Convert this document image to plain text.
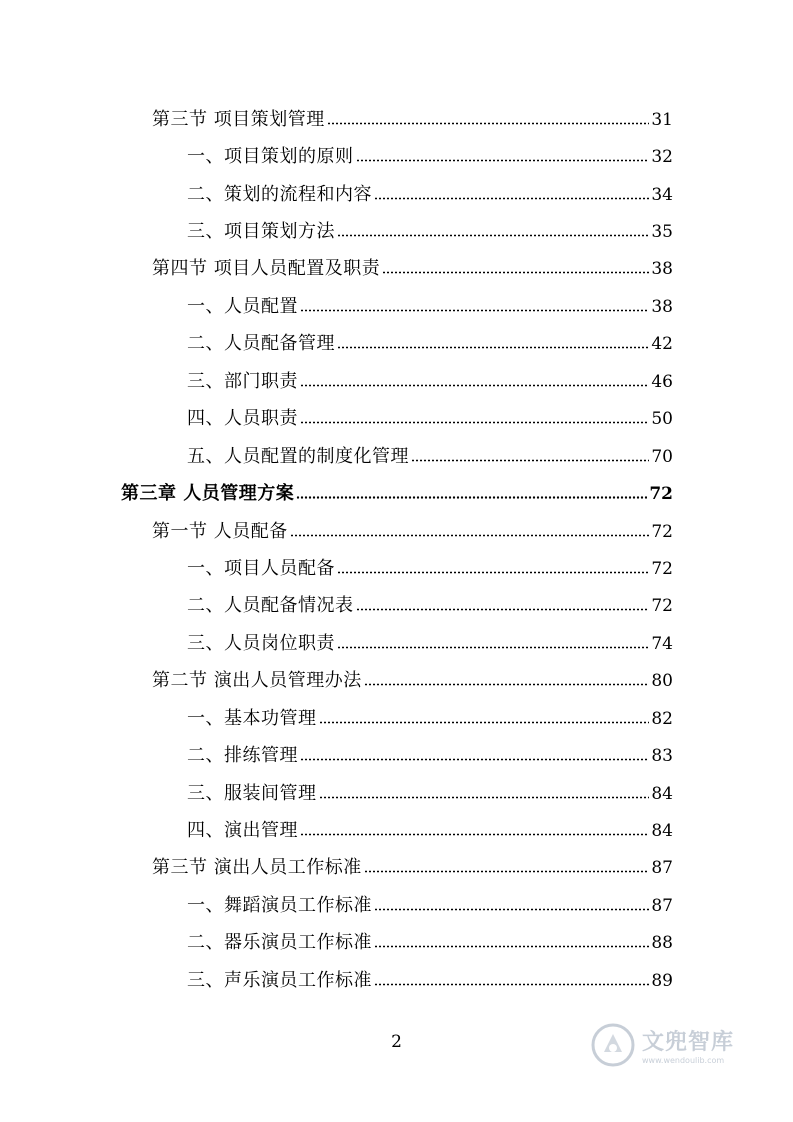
第三节 项目策划管理	31
一、项目策划的原则	32
二、策划的流程和内容	34
三、项目策划方法	35
第四节 项目人员配置及职责	38
一、人员配置	38
二、人员配备管理	42
三、部门职责	46
四、人员职责	50
五、人员配置的制度化管理	70
第三章 人员管理方案	72
第一节 人员配备	72
一、项目人员配备	72
二、人员配备情况表	72
三、人员岗位职责	74
第二节 演出人员管理办法	80
一、基本功管理	82
二、排练管理	83
三、服装间管理	84
四、演出管理	84
第三节 演出人员工作标准	87
一、舞蹈演员工作标准	87
二、器乐演员工作标准	88
三、声乐演员工作标准	89
2	文兜智库
www.wendoulib.com
